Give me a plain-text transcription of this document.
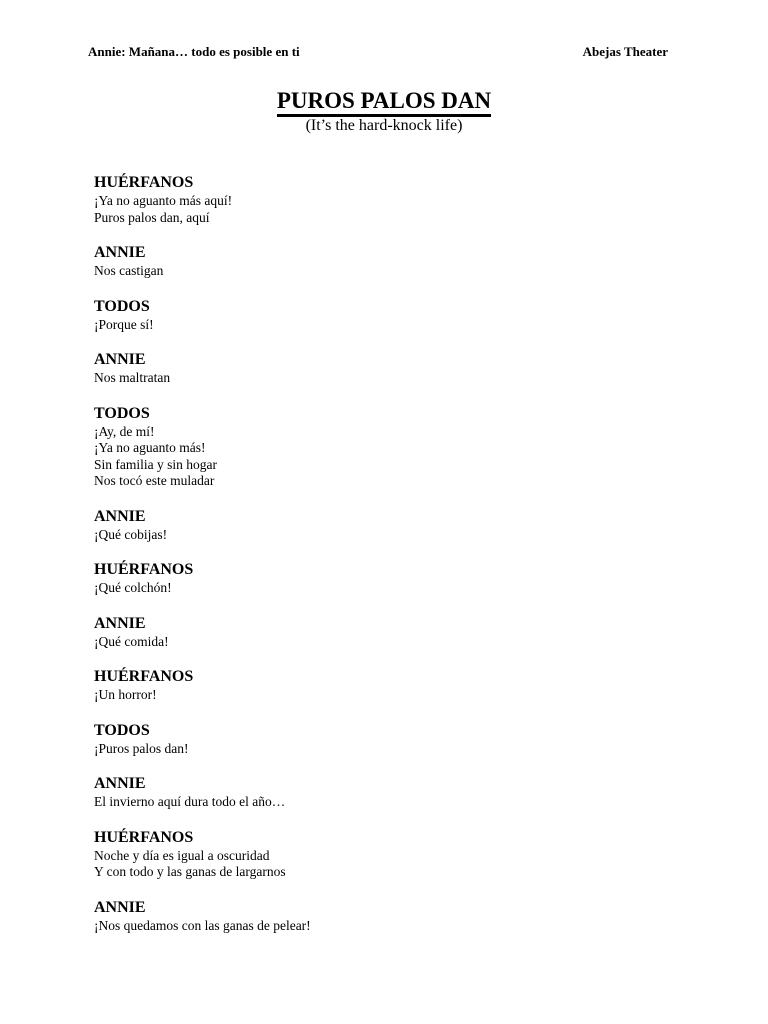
Annie: Mañana… todo es posible en ti	Abejas Theater
PUROS PALOS DAN
(It’s the hard-knock life)
HUÉRFANOS
¡Ya no aguanto más aquí!
Puros palos dan, aquí
ANNIE
Nos castigan
TODOS
¡Porque sí!
ANNIE
Nos maltratan
TODOS
¡Ay, de mí!
¡Ya no aguanto más!
Sin familia y sin hogar
Nos tocó este muladar
ANNIE
¡Qué cobijas!
HUÉRFANOS
¡Qué colchón!
ANNIE
¡Qué comida!
HUÉRFANOS
¡Un horror!
TODOS
¡Puros palos dan!
ANNIE
El invierno aquí dura todo el año…
HUÉRFANOS
Noche y día es igual a oscuridad
Y con todo y las ganas de largarnos
ANNIE
¡Nos quedamos con las ganas de pelear!
